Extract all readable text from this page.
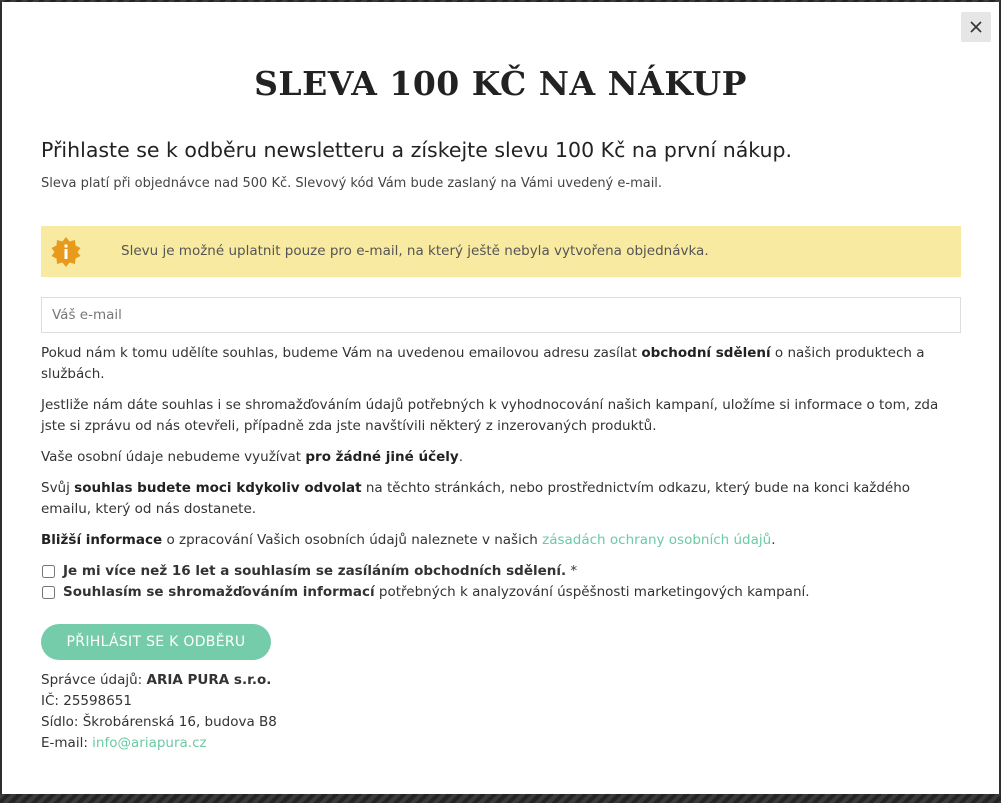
SLEVA 100 KČ NA NÁKUP
Přihlaste se k odběru newsletteru a získejte slevu 100 Kč na první nákup.
Sleva platí při objednávce nad 500 Kč. Slevový kód Vám bude zaslaný na Vámi uvedený e-mail.
Slevu je možné uplatnit pouze pro e-mail, na který ještě nebyla vytvořena objednávka.
Váš e-mail

Pokud nám k tomu udělíte souhlas, budeme Vám na uvedenou emailovou adresu zasílat obchodní sdělení o našich produktech a službách.

Jestliže nám dáte souhlas i se shromažďováním údajů potřebných k vyhodnocování našich kampaní, uložíme si informace o tom, zda jste si zprávu od nás otevřeli, případně zda jste navštívili některý z inzerovaných produktů.

Vaše osobní údaje nebudeme využívat pro žádné jiné účely.

Svůj souhlas budete moci kdykoliv odvolat na těchto stránkách, nebo prostřednictvím odkazu, který bude na konci každého emailu, který od nás dostanete.

Bližší informace o zpracování Vašich osobních údajů naleznete v našich zásadách ochrany osobních údajů.

Je mi více než 16 let a souhlasím se zasíláním obchodních sdělení. *
Souhlasím se shromažďováním informací potřebných k analyzování úspěšnosti marketingových kampaní.
PŘIHLÁSIT SE K ODBĚRU
Správce údajů: ARIA PURA s.r.o.
IČ: 25598651
Sídlo: Škrobárenská 16, budova B8
E-mail: info@ariapura.cz
